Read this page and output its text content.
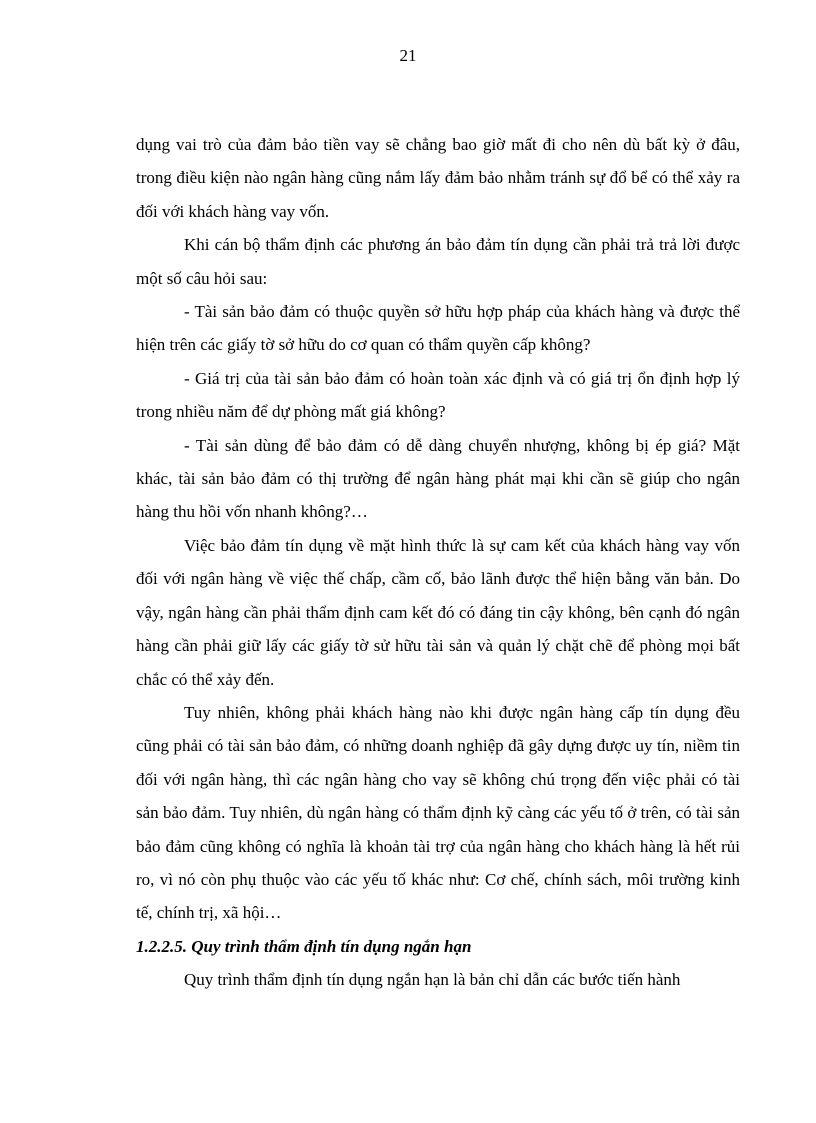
21

dụng vai trò của đảm bảo tiền vay sẽ chẳng bao giờ mất đi cho nên dù bất kỳ ở đâu, trong điều kiện nào ngân hàng cũng nắm lấy đảm bảo nhằm tránh sự đổ bể có thể xảy ra đối với khách hàng vay vốn.

Khi cán bộ thẩm định các phương án bảo đảm tín dụng cần phải trả trả lời được một số câu hỏi sau:

- Tài sản bảo đảm có thuộc quyền sở hữu hợp pháp của khách hàng và được thể hiện trên các giấy tờ sở hữu do cơ quan có thẩm quyền cấp không?

- Giá trị của tài sản bảo đảm có hoàn toàn xác định và có giá trị ổn định hợp lý trong nhiều năm để dự phòng mất giá không?

- Tài sản dùng để bảo đảm có dễ dàng chuyển nhượng, không bị ép giá? Mặt khác, tài sản bảo đảm có thị trường để ngân hàng phát mại khi cần sẽ giúp cho ngân hàng thu hồi vốn nhanh không?…

Việc bảo đảm tín dụng về mặt hình thức là sự cam kết của khách hàng vay vốn đối với ngân hàng về việc thế chấp, cầm cố, bảo lãnh được thể hiện bằng văn bản. Do vậy, ngân hàng cần phải thẩm định cam kết đó có đáng tin cậy không, bên cạnh đó ngân hàng cần phải giữ lấy các giấy tờ sử hữu tài sản và quản lý chặt chẽ để phòng mọi bất chắc có thể xảy đến.

Tuy nhiên, không phải khách hàng nào khi được ngân hàng cấp tín dụng đều cũng phải có tài sản bảo đảm, có những doanh nghiệp đã gây dựng được uy tín, niềm tin đối với ngân hàng, thì các ngân hàng cho vay sẽ không chú trọng đến việc phải có tài sản bảo đảm. Tuy nhiên, dù ngân hàng có thẩm định kỹ càng các yếu tố ở trên, có tài sản bảo đảm cũng không có nghĩa là khoản tài trợ của ngân hàng cho khách hàng là hết rủi ro, vì nó còn phụ thuộc vào các yếu tố khác như: Cơ chế, chính sách, môi trường kinh tế, chính trị, xã hội…

1.2.2.5. Quy trình thẩm định tín dụng ngắn hạn

Quy trình thẩm định tín dụng ngắn hạn là bản chỉ dẫn các bước tiến hành
